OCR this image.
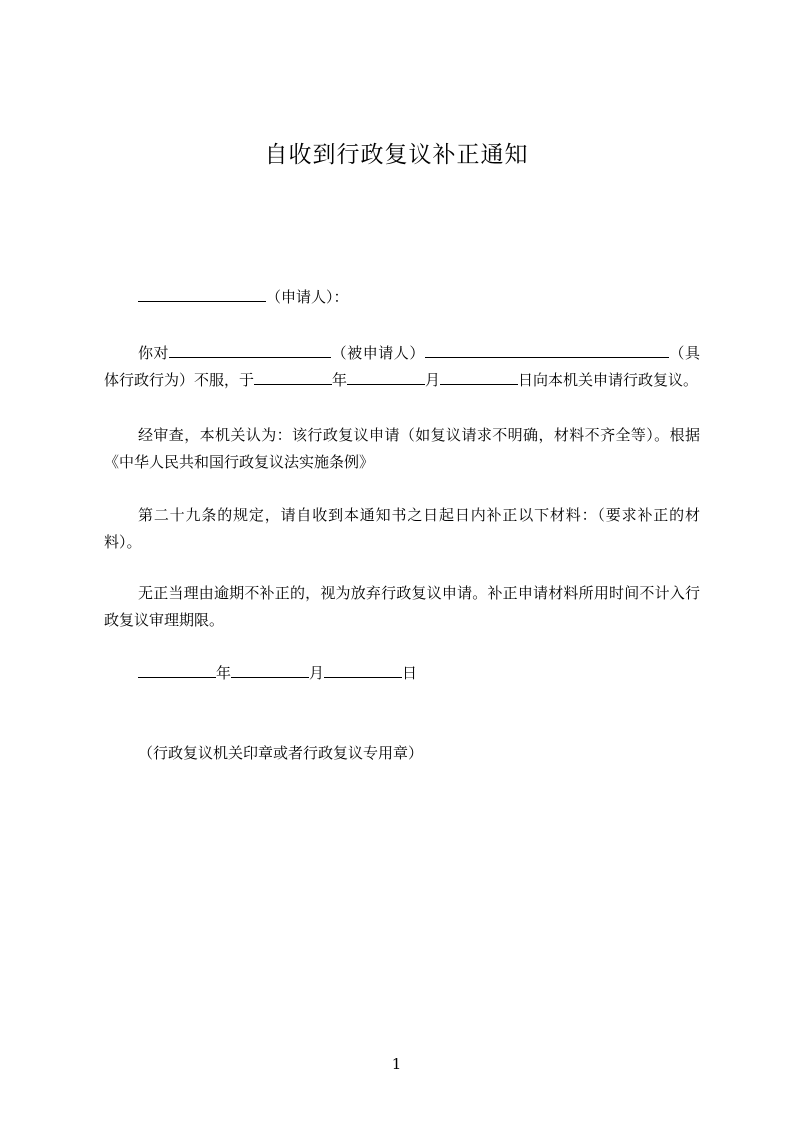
自收到行政复议补正通知
（申请人）：
你对	（被申请人）	（具体行政行为）不服，于	年	月	日向本机关申请行政复议。
经审查，本机关认为：该行政复议申请（如复议请求不明确，材料不齐全等）。根据《中华人民共和国行政复议法实施条例》
第二十九条的规定，请自收到本通知书之日起日内补正以下材料：（要求补正的材料）。
无正当理由逾期不补正的，视为放弃行政复议申请。补正申请材料所用时间不计入行政复议审理期限。
年	月	日
（行政复议机关印章或者行政复议专用章）
1
